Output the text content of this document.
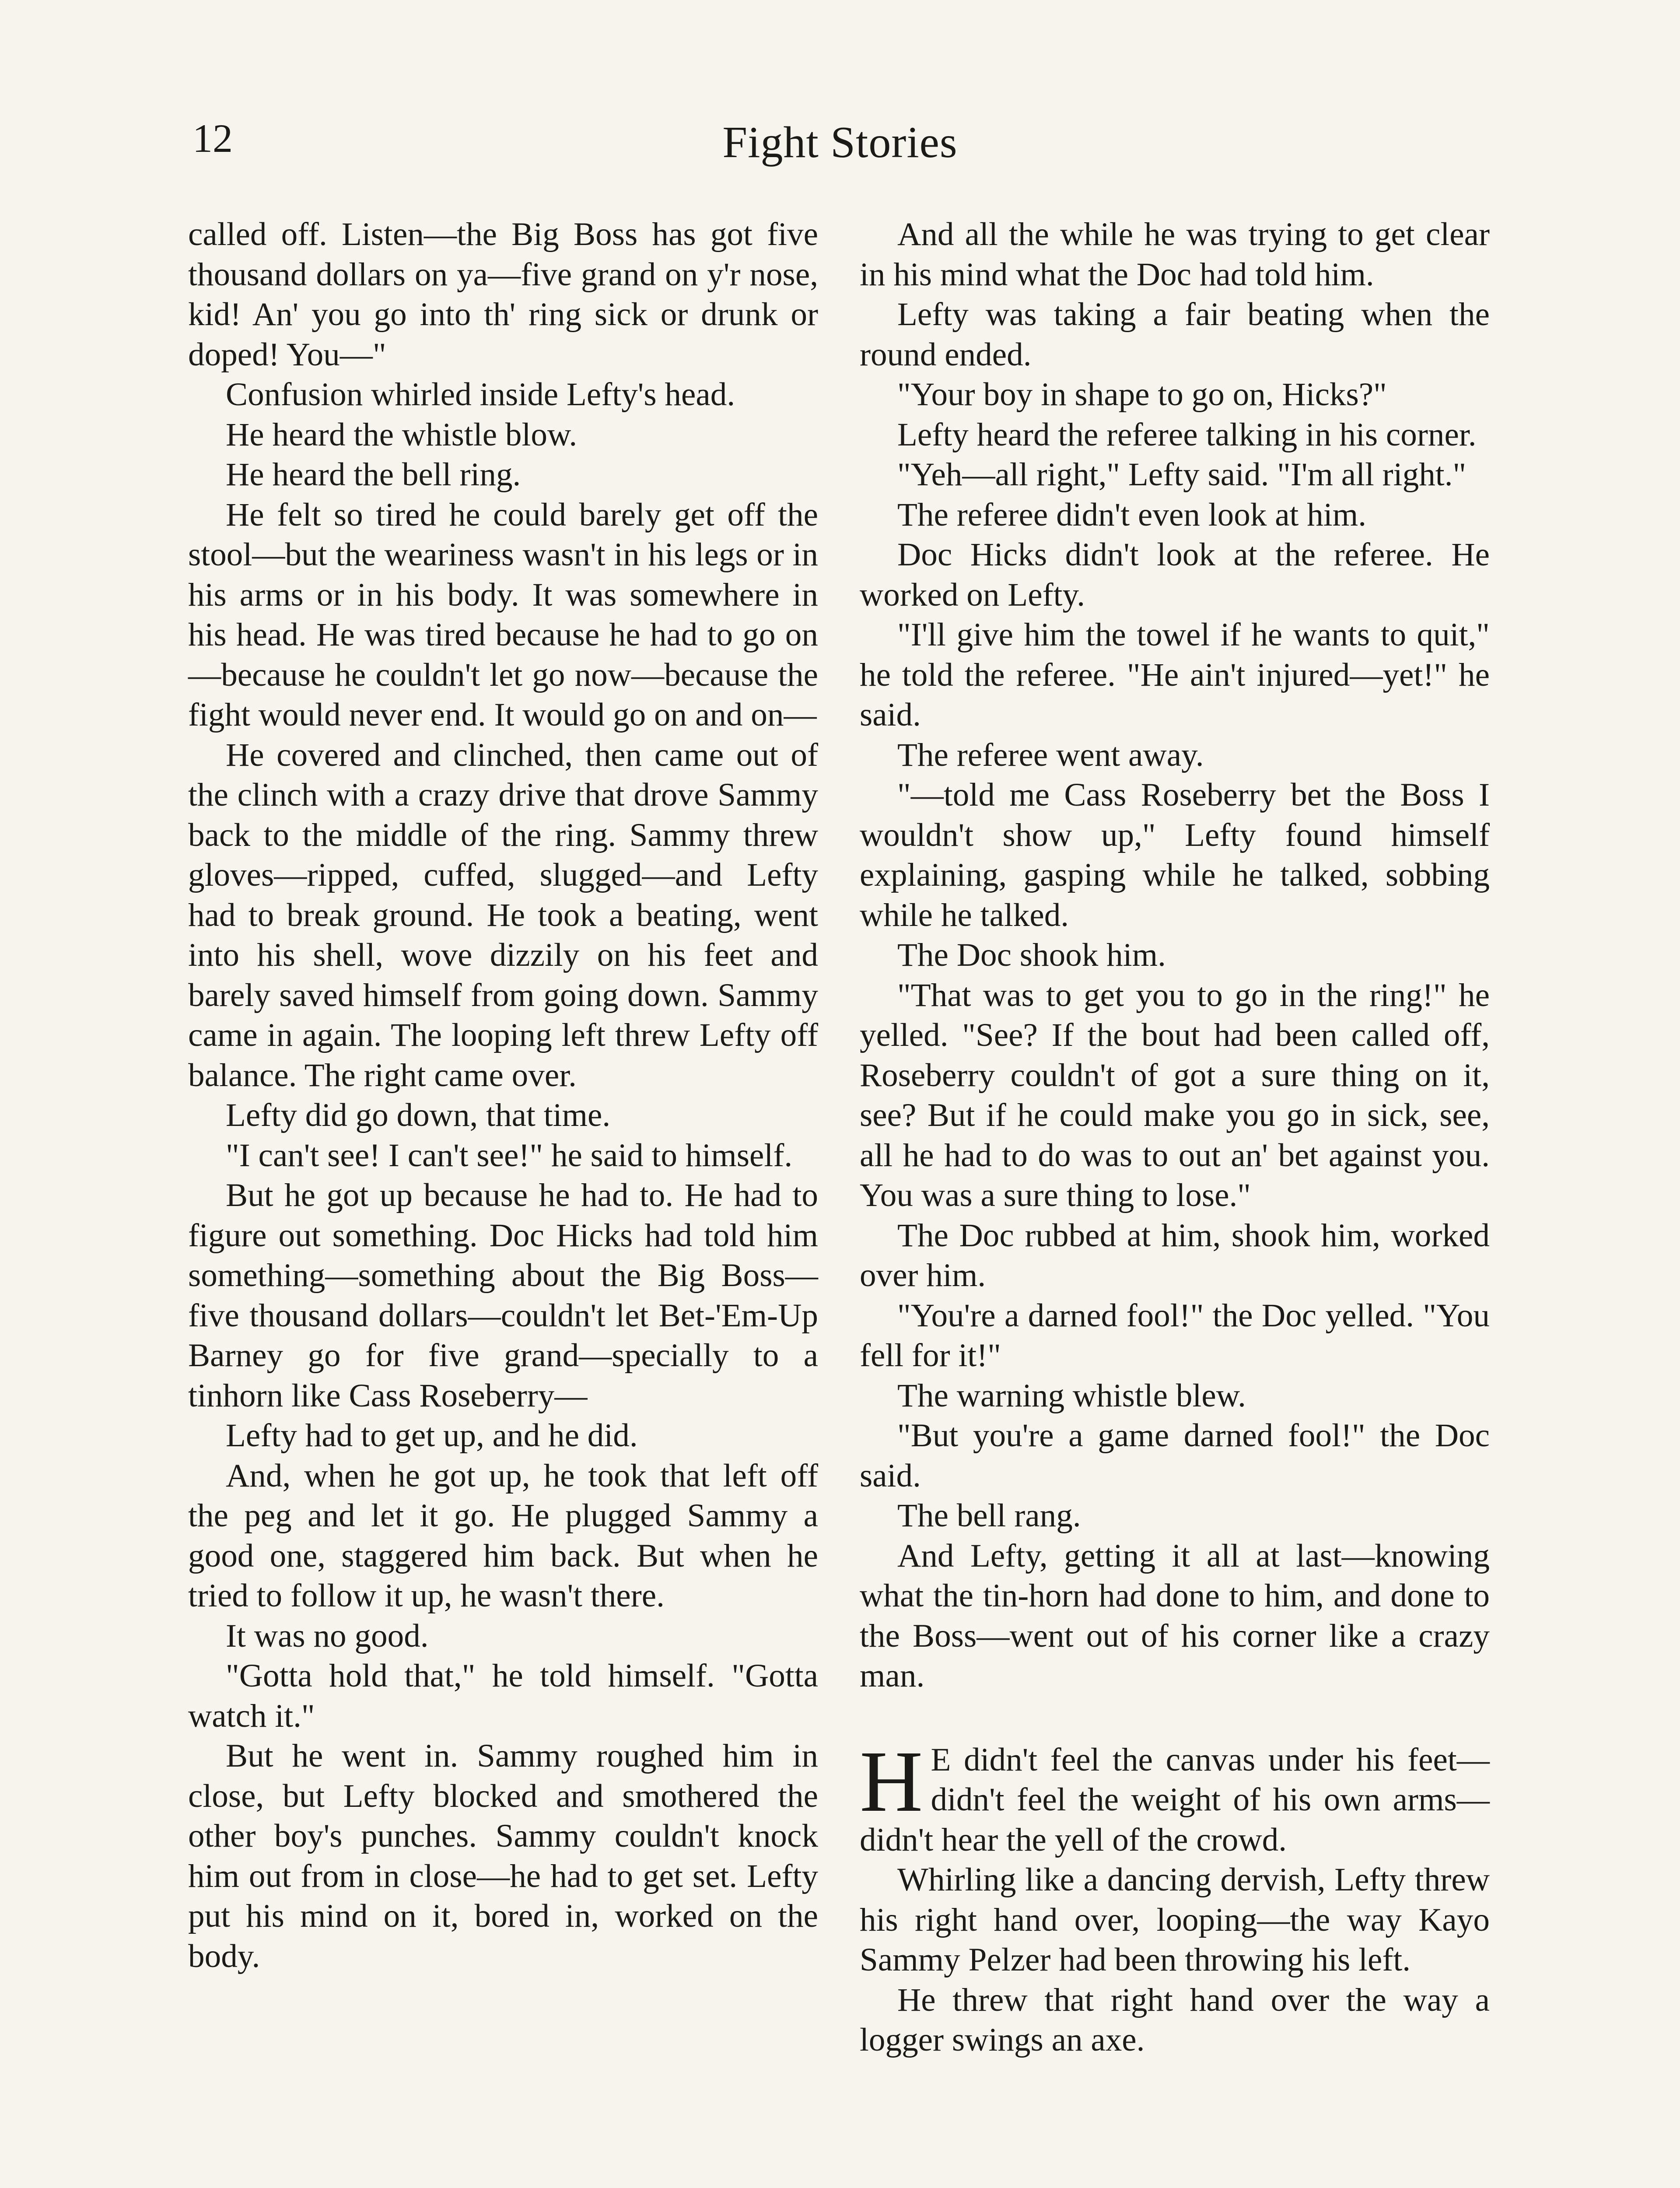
12	Fight Stories

called off. Listen—the Big Boss has got five thousand dollars on ya—five grand on y'r nose, kid! An' you go into th' ring sick or drunk or doped! You—"

Confusion whirled inside Lefty's head.

He heard the whistle blow.

He heard the bell ring.

He felt so tired he could barely get off the stool—but the weariness wasn't in his legs or in his arms or in his body. It was somewhere in his head. He was tired because he had to go on—because he couldn't let go now—because the fight would never end. It would go on and on—

He covered and clinched, then came out of the clinch with a crazy drive that drove Sammy back to the middle of the ring. Sammy threw gloves—ripped, cuffed, slugged—and Lefty had to break ground. He took a beating, went into his shell, wove dizzily on his feet and barely saved himself from going down. Sammy came in again. The looping left threw Lefty off balance. The right came over.

Lefty did go down, that time.

"I can't see! I can't see!" he said to himself.

But he got up because he had to. He had to figure out something. Doc Hicks had told him something—something about the Big Boss—five thousand dollars—couldn't let Bet-'Em-Up Barney go for five grand—specially to a tinhorn like Cass Roseberry—

Lefty had to get up, and he did.

And, when he got up, he took that left off the peg and let it go. He plugged Sammy a good one, staggered him back. But when he tried to follow it up, he wasn't there.

It was no good.

"Gotta hold that," he told himself. "Gotta watch it."

But he went in. Sammy roughed him in close, but Lefty blocked and smothered the other boy's punches. Sammy couldn't knock him out from in close—he had to get set. Lefty put his mind on it, bored in, worked on the body.

And all the while he was trying to get clear in his mind what the Doc had told him.

Lefty was taking a fair beating when the round ended.

"Your boy in shape to go on, Hicks?"

Lefty heard the referee talking in his corner.

"Yeh—all right," Lefty said. "I'm all right."

The referee didn't even look at him.

Doc Hicks didn't look at the referee. He worked on Lefty.

"I'll give him the towel if he wants to quit," he told the referee. "He ain't injured—yet!" he said.

The referee went away.

"—told me Cass Roseberry bet the Boss I wouldn't show up," Lefty found himself explaining, gasping while he talked, sobbing while he talked.

The Doc shook him.

"That was to get you to go in the ring!" he yelled. "See? If the bout had been called off, Roseberry couldn't of got a sure thing on it, see? But if he could make you go in sick, see, all he had to do was to out an' bet against you. You was a sure thing to lose."

The Doc rubbed at him, shook him, worked over him.

"You're a darned fool!" the Doc yelled. "You fell for it!"

The warning whistle blew.

"But you're a game darned fool!" the Doc said.

The bell rang.

And Lefty, getting it all at last—knowing what the tin-horn had done to him, and done to the Boss—went out of his corner like a crazy man.

H E didn't feel the canvas under his feet—didn't feel the weight of his own arms—didn't hear the yell of the crowd.

Whirling like a dancing dervish, Lefty threw his right hand over, looping—the way Kayo Sammy Pelzer had been throwing his left.

He threw that right hand over the way a logger swings an axe.
